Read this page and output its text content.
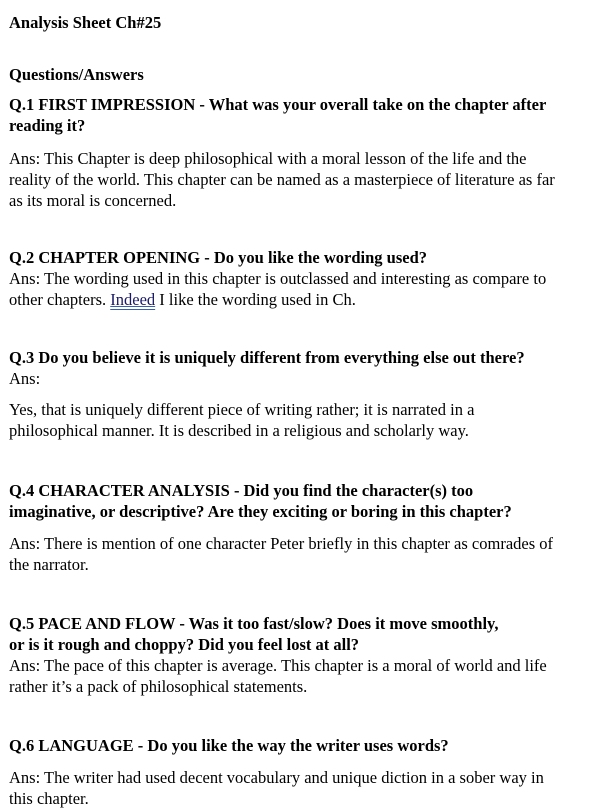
Analysis Sheet Ch#25
Questions/Answers
Q.1 FIRST IMPRESSION - What was your overall take on the chapter after
reading it?
Ans: This Chapter is deep philosophical with a moral lesson of the life and the
reality of the world. This chapter can be named as a masterpiece of literature as far
as its moral is concerned.
Q.2 CHAPTER OPENING - Do you like the wording used?
Ans: The wording used in this chapter is outclassed and interesting as compare to
other chapters. Indeed I like the wording used in Ch.
Q.3 Do you believe it is uniquely different from everything else out there?
Ans:
Yes, that is uniquely different piece of writing rather; it is narrated in a
philosophical manner. It is described in a religious and scholarly way.
Q.4 CHARACTER ANALYSIS - Did you find the character(s) too
imaginative, or descriptive? Are they exciting or boring in this chapter?
Ans: There is mention of one character Peter briefly in this chapter as comrades of
the narrator.
Q.5 PACE AND FLOW - Was it too fast/slow? Does it move smoothly,
or is it rough and choppy? Did you feel lost at all?
Ans: The pace of this chapter is average. This chapter is a moral of world and life
rather it’s a pack of philosophical statements.
Q.6 LANGUAGE - Do you like the way the writer uses words?
Ans: The writer had used decent vocabulary and unique diction in a sober way in
this chapter.
